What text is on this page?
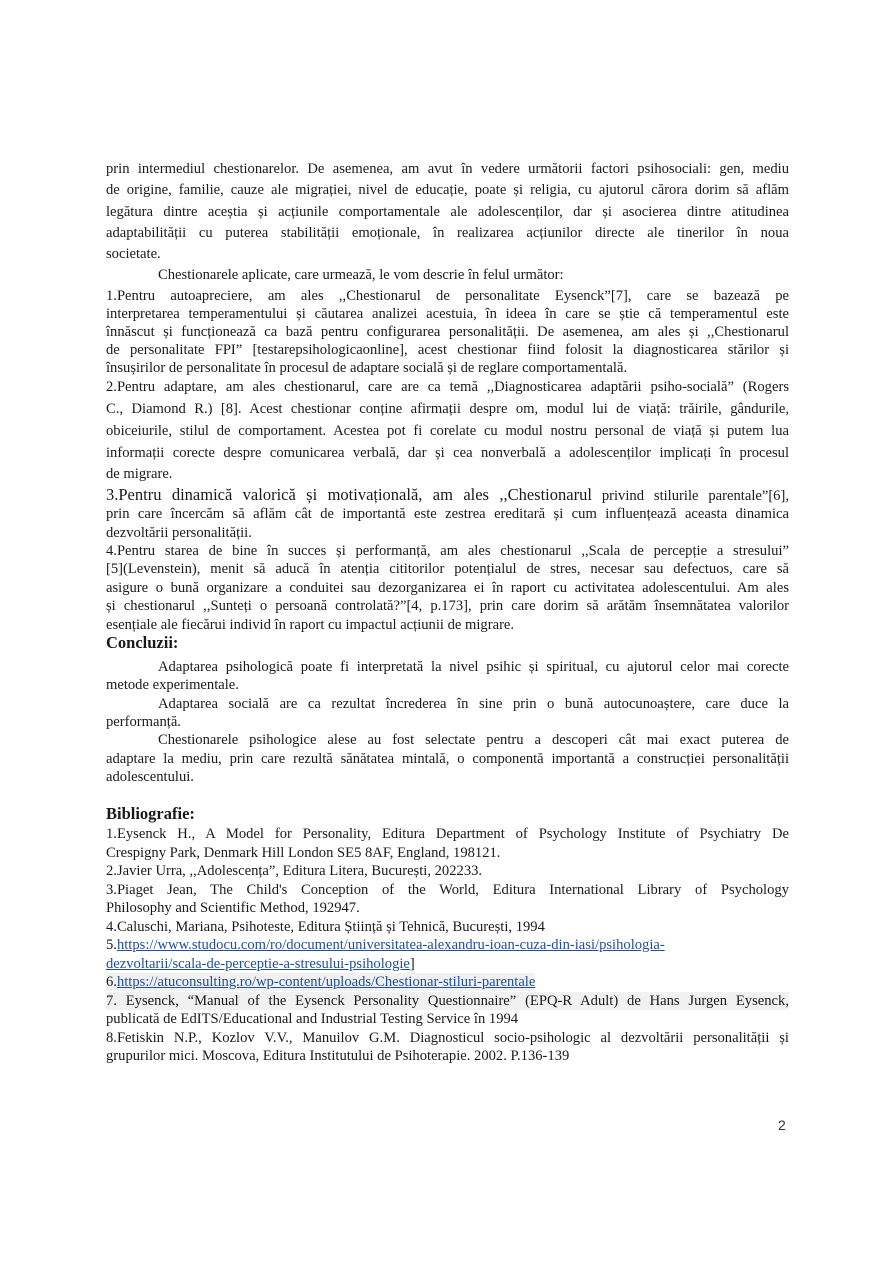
prin intermediul chestionarelor. De asemenea, am avut în vedere următorii factori psihosociali: gen, mediu
de origine, familie, cauze ale migrației, nivel de educație, poate și religia, cu ajutorul cărora dorim să aflăm
legătura dintre aceștia și acțiunile comportamentale ale adolescenților, dar și asocierea dintre atitudinea
adaptabilității cu puterea stabilității emoționale, în realizarea acțiunilor directe ale tinerilor în noua
societate.
Chestionarele aplicate, care urmează, le vom descrie în felul următor:
1.Pentru autoapreciere, am ales ,,Chestionarul de personalitate Eysenck”[7], care se bazează pe
interpretarea temperamentului și căutarea analizei acestuia, în ideea în care se știe că temperamentul este
înnăscut și funcționează ca bază pentru configurarea personalității. De asemenea, am ales și ,,Chestionarul
de personalitate FPI” [testarepsihologicaonline], acest chestionar fiind folosit la diagnosticarea stărilor și
însușirilor de personalitate în procesul de adaptare socială și de reglare comportamentală.
2.Pentru adaptare, am ales chestionarul, care are ca temă ,,Diagnosticarea adaptării psiho-socială” (Rogers
C., Diamond R.) [8]. Acest chestionar conține afirmații despre om, modul lui de viață: trăirile, gândurile,
obiceiurile, stilul de comportament. Acestea pot fi corelate cu modul nostru personal de viață și putem lua
informații corecte despre comunicarea verbală, dar și cea nonverbală a adolescenților implicați în procesul
de migrare.
3.Pentru dinamică valorică și motivațională, am ales ,,Chestionarul privind stilurile parentale”[6],
prin care încercăm să aflăm cât de importantă este zestrea ereditară și cum influențează aceasta dinamica
dezvoltării personalității.
4.Pentru starea de bine în succes și performanță, am ales chestionarul ,,Scala de percepție a stresului”
[5](Levenstein), menit să aducă în atenția cititorilor potențialul de stres, necesar sau defectuos, care să
asigure o bună organizare a conduitei sau dezorganizarea ei în raport cu activitatea adolescentului. Am ales
și chestionarul ,,Sunteți o persoană controlată?”[4, p.173], prin care dorim să arătăm însemnătatea valorilor
esențiale ale fiecărui individ în raport cu impactul acțiunii de migrare.
Concluzii:
Adaptarea psihologică poate fi interpretată la nivel psihic și spiritual, cu ajutorul celor mai corecte
metode experimentale.
Adaptarea socială are ca rezultat încrederea în sine prin o bună autocunoaștere, care duce la
performanță.
Chestionarele psihologice alese au fost selectate pentru a descoperi cât mai exact puterea de
adaptare la mediu, prin care rezultă sănătatea mintală, o componentă importantă a construcției personalității
adolescentului.
Bibliografie:
1.Eysenck H., A Model for Personality, Editura Department of Psychology Institute of Psychiatry De
Crespigny Park, Denmark Hill London SE5 8AF, England, 198121.
2.Javier Urra, ,,Adolescența”, Editura Litera, București, 202233.
3.Piaget Jean, The Child's Conception of the World, Editura International Library of Psychology
Philosophy and Scientific Method, 192947.
4.Caluschi, Mariana, Psihoteste, Editura Știință și Tehnică, București, 1994
5.https://www.studocu.com/ro/document/universitatea-alexandru-ioan-cuza-din-iasi/psihologia-
dezvoltarii/scala-de-perceptie-a-stresului-psihologie]
6.https://atuconsulting.ro/wp-content/uploads/Chestionar-stiluri-parentale
7. Eysenck, “Manual of the Eysenck Personality Questionnaire” (EPQ-R Adult) de Hans Jurgen Eysenck,
publicată de EdITS/Educational and Industrial Testing Service în 1994
8.Fetiskin N.P., Kozlov V.V., Manuilov G.M. Diagnosticul socio-psihologic al dezvoltării personalității și
grupurilor mici. Moscova, Editura Institutului de Psihoterapie. 2002. P.136-139
2
